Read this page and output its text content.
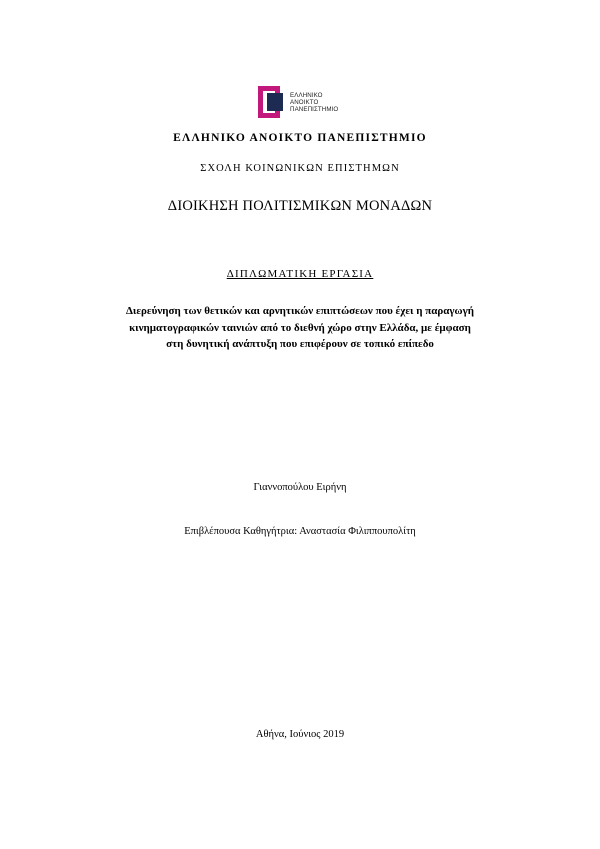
ΕΛΛΗΝΙΚΟ
ΑΝΟΙΚΤΟ
ΠΑΝΕΠΙΣΤΗΜΙΟ
ΕΛΛΗΝΙΚΟ ΑΝΟΙΚΤΟ ΠΑΝΕΠΙΣΤΗΜΙΟ
ΣΧΟΛΗ ΚΟΙΝΩΝΙΚΩΝ ΕΠΙΣΤΗΜΩΝ
ΔΙΟΙΚΗΣΗ ΠΟΛΙΤΙΣΜΙΚΩΝ ΜΟΝΑΔΩΝ
ΔΙΠΛΩΜΑΤΙΚΗ ΕΡΓΑΣΙΑ
Διερεύνηση των θετικών και αρνητικών επιπτώσεων που έχει η παραγωγή
κινηματογραφικών ταινιών από το διεθνή χώρο στην Ελλάδα, με έμφαση
στη δυνητική ανάπτυξη που επιφέρουν σε τοπικό επίπεδο
Γιαννοπούλου Ειρήνη
Επιβλέπουσα Καθηγήτρια: Αναστασία Φιλιππουπολίτη
Αθήνα, Ιούνιος 2019
